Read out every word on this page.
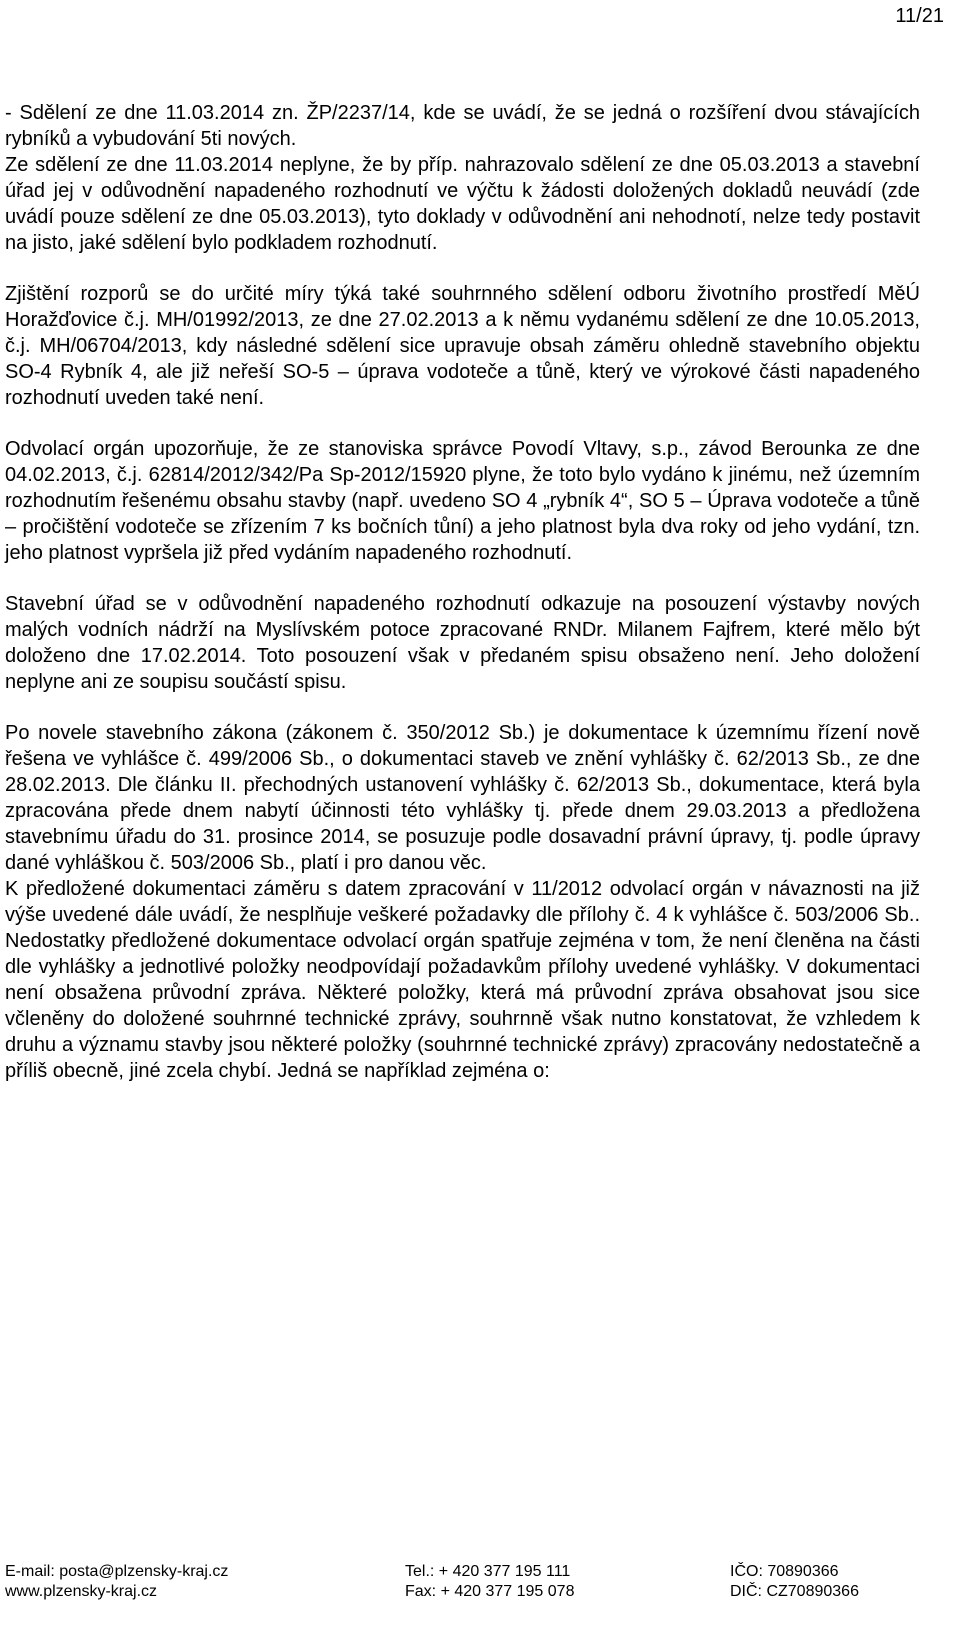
11/21

- Sdělení ze dne 11.03.2014 zn. ŽP/2237/14, kde se uvádí, že se jedná o rozšíření dvou stávajících rybníků a vybudování 5ti nových.

Ze sdělení ze dne 11.03.2014 neplyne, že by příp. nahrazovalo sdělení ze dne 05.03.2013 a stavební úřad jej v odůvodnění napadeného rozhodnutí ve výčtu k žádosti doložených dokladů neuvádí (zde uvádí pouze sdělení ze dne 05.03.2013), tyto doklady v odůvodnění ani nehodnotí, nelze tedy postavit na jisto, jaké sdělení bylo podkladem rozhodnutí.

Zjištění rozporů se do určité míry týká také souhrnného sdělení odboru životního prostředí MěÚ Horažďovice č.j. MH/01992/2013, ze dne 27.02.2013 a k němu vydanému sdělení ze dne 10.05.2013, č.j. MH/06704/2013, kdy následné sdělení sice upravuje obsah záměru ohledně stavebního objektu SO-4 Rybník 4, ale již neřeší SO-5 – úprava vodoteče a tůně, který ve výrokové části napadeného rozhodnutí uveden také není.

Odvolací orgán upozorňuje, že ze stanoviska správce Povodí Vltavy, s.p., závod Berounka ze dne 04.02.2013, č.j. 62814/2012/342/Pa Sp-2012/15920 plyne, že toto bylo vydáno k jinému, než územním rozhodnutím řešenému obsahu stavby (např. uvedeno SO 4 „rybník 4“, SO 5 – Úprava vodoteče a tůně – pročištění vodoteče se zřízením 7 ks bočních tůní) a jeho platnost byla dva roky od jeho vydání, tzn. jeho platnost vypršela již před vydáním napadeného rozhodnutí.

Stavební úřad se v odůvodnění napadeného rozhodnutí odkazuje na posouzení výstavby nových malých vodních nádrží na Myslívském potoce zpracované RNDr. Milanem Fajfrem, které mělo být doloženo dne 17.02.2014. Toto posouzení však v předaném spisu obsaženo není. Jeho doložení neplyne ani ze soupisu součástí spisu.

Po novele stavebního zákona (zákonem č. 350/2012 Sb.) je dokumentace k územnímu řízení nově řešena ve vyhlášce č. 499/2006 Sb., o dokumentaci staveb ve znění vyhlášky č. 62/2013 Sb., ze dne 28.02.2013. Dle článku II. přechodných ustanovení vyhlášky č. 62/2013 Sb., dokumentace, která byla zpracována přede dnem nabytí účinnosti této vyhlášky tj. přede dnem 29.03.2013 a předložena stavebnímu úřadu do 31. prosince 2014, se posuzuje podle dosavadní právní úpravy, tj. podle úpravy dané vyhláškou č. 503/2006 Sb., platí i pro danou věc.

K předložené dokumentaci záměru s datem zpracování v 11/2012 odvolací orgán v návaznosti na již výše uvedené dále uvádí, že nesplňuje veškeré požadavky dle přílohy č. 4 k vyhlášce č. 503/2006 Sb.. Nedostatky předložené dokumentace odvolací orgán spatřuje zejména v tom, že není členěna na části dle vyhlášky a jednotlivé položky neodpovídají požadavkům přílohy uvedené vyhlášky. V dokumentaci není obsažena průvodní zpráva. Některé položky, která má průvodní zpráva obsahovat jsou sice včleněny do doložené souhrnné technické zprávy, souhrnně však nutno konstatovat, že vzhledem k druhu a významu stavby jsou některé položky (souhrnné technické zprávy) zpracovány nedostatečně a příliš obecně, jiné zcela chybí. Jedná se například zejména o:

E-mail: posta@plzensky-kraj.cz
www.plzensky-kraj.cz
Tel.: + 420 377 195 111
Fax: + 420 377 195 078
IČO: 70890366
DIČ: CZ70890366
